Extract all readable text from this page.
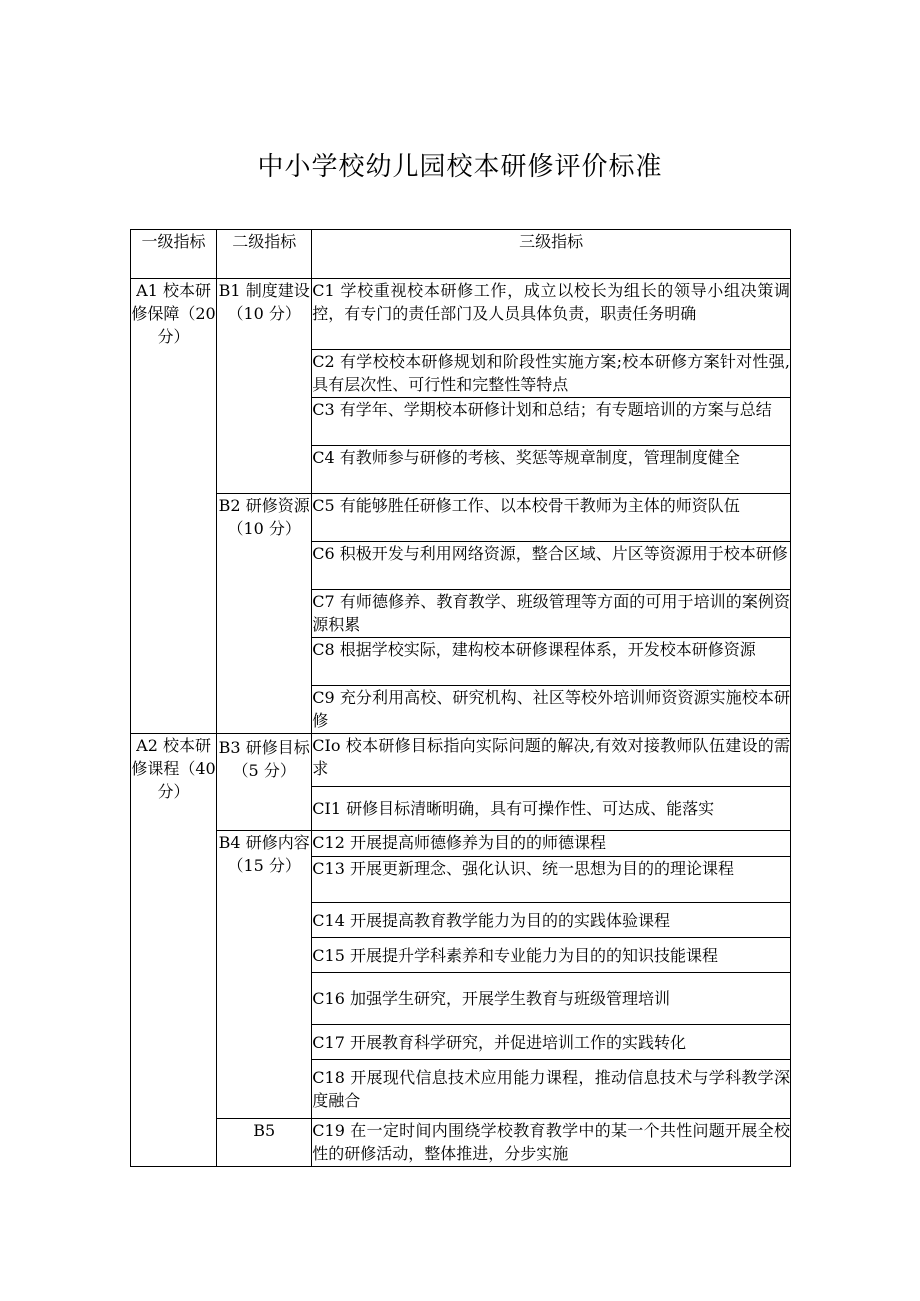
中小学校幼儿园校本研修评价标准
一级指标	二级指标	三级指标
A1 校本研修保障（20 分）	B1 制度建设（10 分）	C1 学校重视校本研修工作，成立以校长为组长的领导小组决策调控，有专门的责任部门及人员具体负责，职责任务明确
		C2 有学校校本研修规划和阶段性实施方案;校本研修方案针对性强,具有层次性、可行性和完整性等特点
		C3 有学年、学期校本研修计划和总结；有专题培训的方案与总结
		C4 有教师参与研修的考核、奖惩等规章制度，管理制度健全
	B2 研修资源（10 分）	C5 有能够胜任研修工作、以本校骨干教师为主体的师资队伍
		C6 积极开发与利用网络资源，整合区域、片区等资源用于校本研修
		C7 有师德修养、教育教学、班级管理等方面的可用于培训的案例资源积累
		C8 根据学校实际，建构校本研修课程体系，开发校本研修资源
		C9 充分利用高校、研究机构、社区等校外培训师资资源实施校本研修
A2 校本研修课程（40 分）	B3 研修目标（5 分）	CIo 校本研修目标指向实际问题的解决,有效对接教师队伍建设的需求
		CI1 研修目标清晰明确，具有可操作性、可达成、能落实
	B4 研修内容（15 分）	C12 开展提高师德修养为目的的师德课程
		C13 开展更新理念、强化认识、统一思想为目的的理论课程
		C14 开展提高教育教学能力为目的的实践体验课程
		C15 开展提升学科素养和专业能力为目的的知识技能课程
		C16 加强学生研究，开展学生教育与班级管理培训
		C17 开展教育科学研究，并促进培训工作的实践转化
		C18 开展现代信息技术应用能力课程，推动信息技术与学科教学深度融合
	B5	C19 在一定时间内围绕学校教育教学中的某一个共性问题开展全校性的研修活动，整体推进，分步实施
